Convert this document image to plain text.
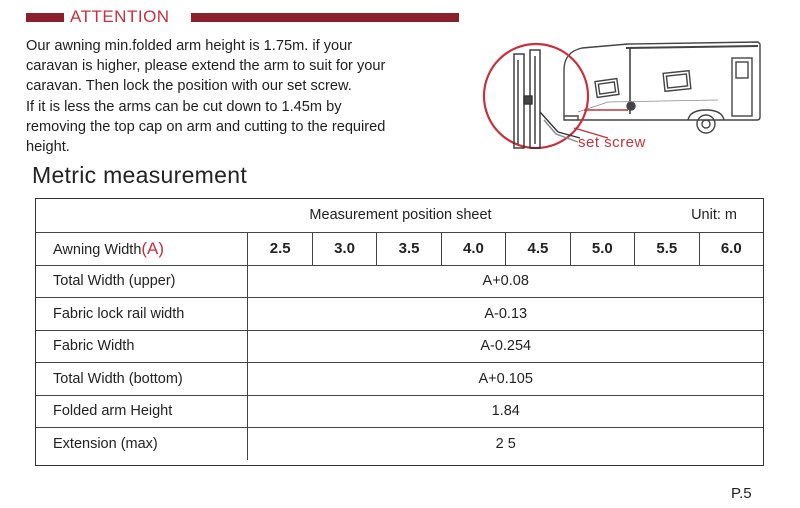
ATTENTION
Our awning min.folded arm height is 1.75m. if your
caravan is higher, please extend the arm to suit for your
caravan. Then lock the position with our set screw.
If it is less the arms can be cut down to 1.45m by
removing the top cap on arm and cutting to the required
height.	set screw
Metric measurement
Measurement position sheet	Unit: m
Awning Width(A)	2.5	3.0	3.5	4.0	4.5	5.0	5.5	6.0
Total Width (upper)	A+0.08							
Fabric lock rail width	A-0.13							
Fabric Width	A-0.254							
Total Width (bottom)	A+0.105							
Folded arm Height	1.84							
Extension (max)	2 5							
P.5
